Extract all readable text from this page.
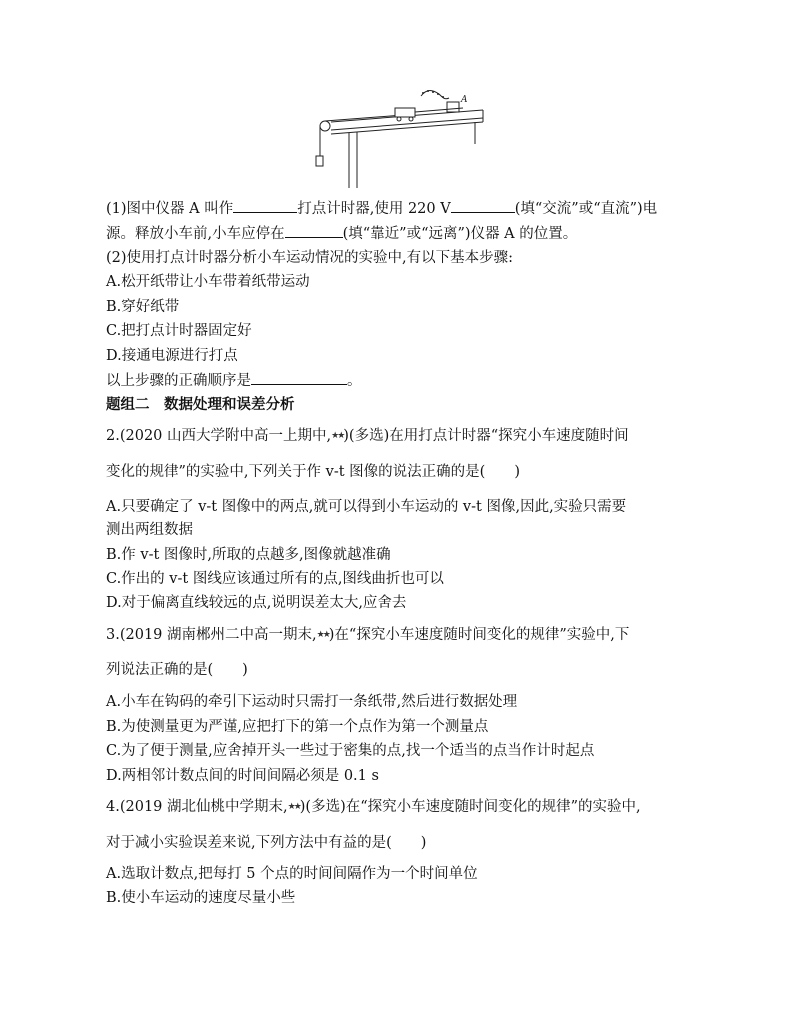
A
(1)图中仪器 A 叫作	打点计时器,使用 220 V	(填“交流”或“直流”)电
源。释放小车前,小车应停在	(填“靠近”或“远离”)仪器 A 的位置。
(2)使用打点计时器分析小车运动情况的实验中,有以下基本步骤:
A.松开纸带让小车带着纸带运动
B.穿好纸带
C.把打点计时器固定好
D.接通电源进行打点
以上步骤的正确顺序是	。
题组二　数据处理和误差分析
2.(2020 山西大学附中高一上期中,★★)(多选)在用打点计时器“探究小车速度随时间
变化的规律”的实验中,下列关于作 v-t 图像的说法正确的是(　　)
A.只要确定了 v-t 图像中的两点,就可以得到小车运动的 v-t 图像,因此,实验只需要
测出两组数据
B.作 v-t 图像时,所取的点越多,图像就越准确
C.作出的 v-t 图线应该通过所有的点,图线曲折也可以
D.对于偏离直线较远的点,说明误差太大,应舍去
3.(2019 湖南郴州二中高一期末,★★)在“探究小车速度随时间变化的规律”实验中,下
列说法正确的是(　　)
A.小车在钩码的牵引下运动时只需打一条纸带,然后进行数据处理
B.为使测量更为严谨,应把打下的第一个点作为第一个测量点
C.为了便于测量,应舍掉开头一些过于密集的点,找一个适当的点当作计时起点
D.两相邻计数点间的时间间隔必须是 0.1 s
4.(2019 湖北仙桃中学期末,★★)(多选)在“探究小车速度随时间变化的规律”的实验中,
对于减小实验误差来说,下列方法中有益的是(　　)
A.选取计数点,把每打 5 个点的时间间隔作为一个时间单位
B.使小车运动的速度尽量小些
